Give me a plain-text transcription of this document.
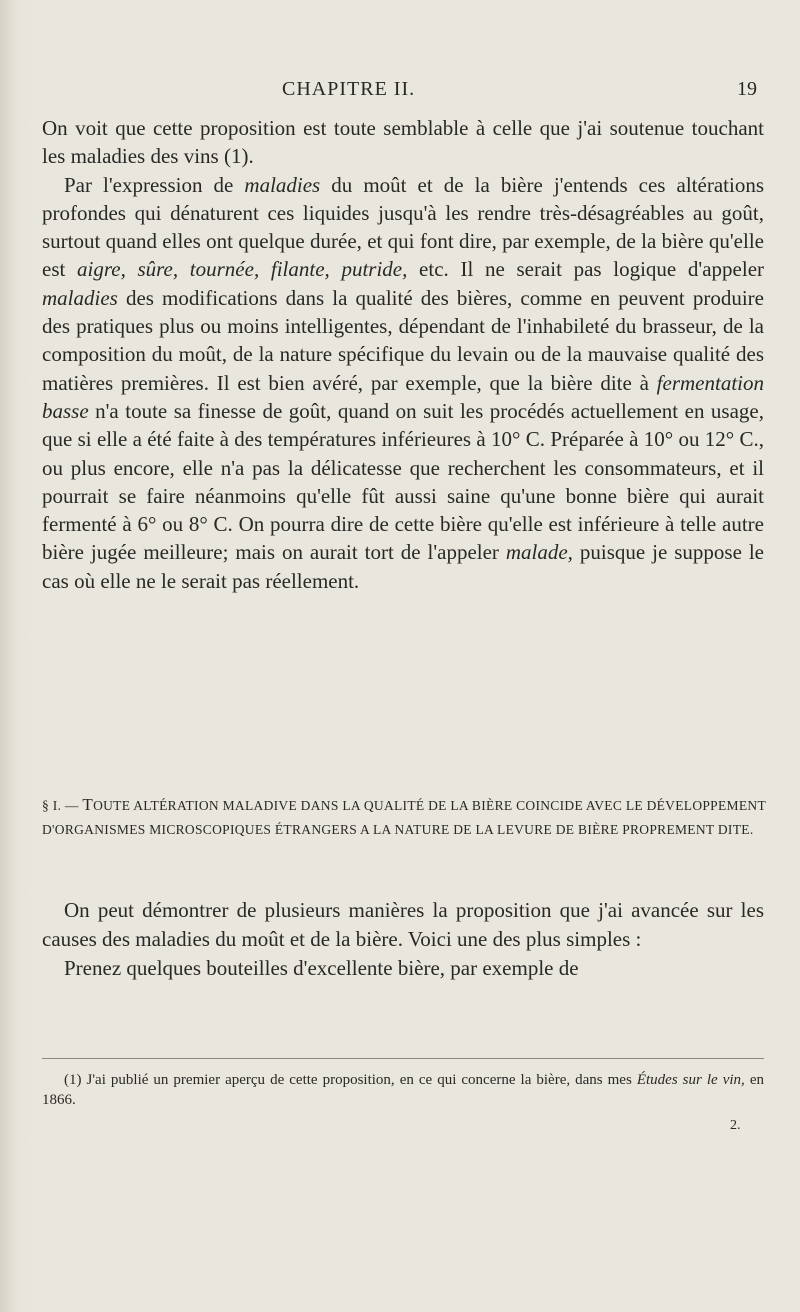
CHAPITRE II.	19

On voit que cette proposition est toute semblable à celle que j'ai soutenue touchant les maladies des vins (1).

Par l'expression de maladies du moût et de la bière j'entends ces altérations profondes qui dénaturent ces liquides jusqu'à les rendre très-désagréables au goût, surtout quand elles ont quelque durée, et qui font dire, par exemple, de la bière qu'elle est aigre, sûre, tournée, filante, putride, etc. Il ne serait pas logique d'appeler maladies des modifications dans la qualité des bières, comme en peuvent produire des pratiques plus ou moins intelligentes, dépendant de l'inhabileté du brasseur, de la composition du moût, de la nature spécifique du levain ou de la mauvaise qualité des matières premières. Il est bien avéré, par exemple, que la bière dite à fermentation basse n'a toute sa finesse de goût, quand on suit les procédés actuellement en usage, que si elle a été faite à des températures inférieures à 10° C. Préparée à 10° ou 12° C., ou plus encore, elle n'a pas la délicatesse que recherchent les consommateurs, et il pourrait se faire néanmoins qu'elle fût aussi saine qu'une bonne bière qui aurait fermenté à 6° ou 8° C. On pourra dire de cette bière qu'elle est inférieure à telle autre bière jugée meilleure; mais on aurait tort de l'appeler malade, puisque je suppose le cas où elle ne le serait pas réellement.

§ I. — TOUTE ALTÉRATION MALADIVE DANS LA QUALITÉ DE LA BIÈRE COINCIDE AVEC LE DÉVELOPPEMENT D'ORGANISMES MICROSCOPIQUES ÉTRANGERS A LA NATURE DE LA LEVURE DE BIÈRE PROPREMENT DITE.

On peut démontrer de plusieurs manières la proposition que j'ai avancée sur les causes des maladies du moût et de la bière. Voici une des plus simples :

Prenez quelques bouteilles d'excellente bière, par exemple de

(1) J'ai publié un premier aperçu de cette proposition, en ce qui concerne la bière, dans mes Études sur le vin, en 1866.

2.
